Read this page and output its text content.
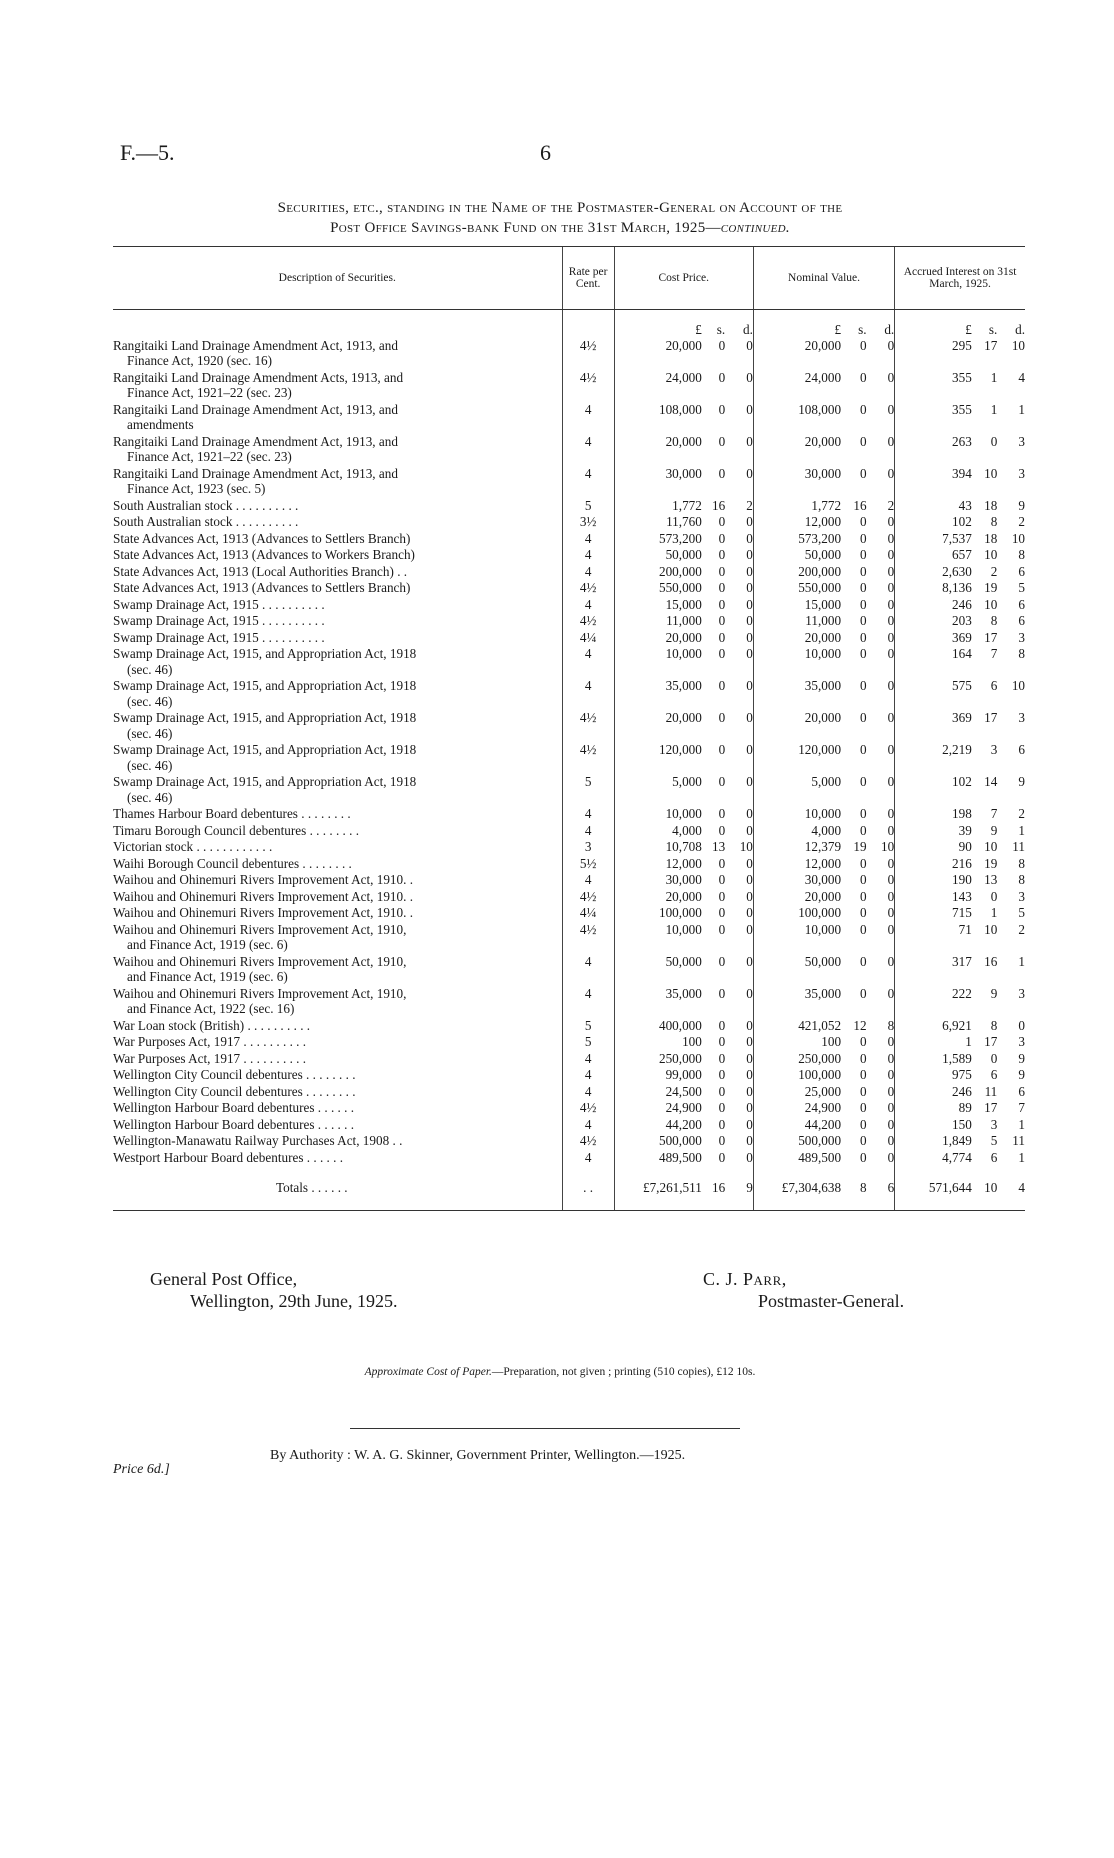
F.—5.	6
Securities, etc., standing in the Name of the Postmaster-General on Account of the
Post Office Savings-bank Fund on the 31st March, 1925—continued.
Description of Securities.	Rate per Cent.	Cost Price.			Nominal Value.			Accrued Interest on 31st March, 1925.		
		£	s.	d.	£	s.	d.	£	s.	d.

Rangitaiki Land Drainage Amendment Act, 1913, and
Finance Act, 1920 (sec. 16)	4½	20,000	0	0	20,000	0	0	295	17	10

Rangitaiki Land Drainage Amendment Acts, 1913, and
Finance Act, 1921–22 (sec. 23)	4½	24,000	0	0	24,000	0	0	355	1	4

Rangitaiki Land Drainage Amendment Act, 1913, and
amendments	4	108,000	0	0	108,000	0	0	355	1	1

Rangitaiki Land Drainage Amendment Act, 1913, and
Finance Act, 1921–22 (sec. 23)	4	20,000	0	0	20,000	0	0	263	0	3

Rangitaiki Land Drainage Amendment Act, 1913, and
Finance Act, 1923 (sec. 5)	4	30,000	0	0	30,000	0	0	394	10	3

South Australian stock . . . . . . . . . .	5	1,772	16	2	1,772	16	2	43	18	9

South Australian stock . . . . . . . . . .	3½	11,760	0	0	12,000	0	0	102	8	2

State Advances Act, 1913 (Advances to Settlers Branch)	4	573,200	0	0	573,200	0	0	7,537	18	10

State Advances Act, 1913 (Advances to Workers Branch)	4	50,000	0	0	50,000	0	0	657	10	8

State Advances Act, 1913 (Local Authorities Branch) . .	4	200,000	0	0	200,000	0	0	2,630	2	6

State Advances Act, 1913 (Advances to Settlers Branch)	4½	550,000	0	0	550,000	0	0	8,136	19	5

Swamp Drainage Act, 1915 . . . . . . . . . .	4	15,000	0	0	15,000	0	0	246	10	6

Swamp Drainage Act, 1915 . . . . . . . . . .	4½	11,000	0	0	11,000	0	0	203	8	6

Swamp Drainage Act, 1915 . . . . . . . . . .	4¼	20,000	0	0	20,000	0	0	369	17	3

Swamp Drainage Act, 1915, and Appropriation Act, 1918
(sec. 46)	4	10,000	0	0	10,000	0	0	164	7	8

Swamp Drainage Act, 1915, and Appropriation Act, 1918
(sec. 46)	4	35,000	0	0	35,000	0	0	575	6	10

Swamp Drainage Act, 1915, and Appropriation Act, 1918
(sec. 46)	4½	20,000	0	0	20,000	0	0	369	17	3

Swamp Drainage Act, 1915, and Appropriation Act, 1918
(sec. 46)	4½	120,000	0	0	120,000	0	0	2,219	3	6

Swamp Drainage Act, 1915, and Appropriation Act, 1918
(sec. 46)	5	5,000	0	0	5,000	0	0	102	14	9

Thames Harbour Board debentures . . . . . . . .	4	10,000	0	0	10,000	0	0	198	7	2

Timaru Borough Council debentures . . . . . . . .	4	4,000	0	0	4,000	0	0	39	9	1

Victorian stock . . . . . . . . . . . .	3	10,708	13	10	12,379	19	10	90	10	11

Waihi Borough Council debentures . . . . . . . .	5½	12,000	0	0	12,000	0	0	216	19	8

Waihou and Ohinemuri Rivers Improvement Act, 1910. .	4	30,000	0	0	30,000	0	0	190	13	8

Waihou and Ohinemuri Rivers Improvement Act, 1910. .	4½	20,000	0	0	20,000	0	0	143	0	3

Waihou and Ohinemuri Rivers Improvement Act, 1910. .	4¼	100,000	0	0	100,000	0	0	715	1	5

Waihou and Ohinemuri Rivers Improvement Act, 1910,
and Finance Act, 1919 (sec. 6)	4½	10,000	0	0	10,000	0	0	71	10	2

Waihou and Ohinemuri Rivers Improvement Act, 1910,
and Finance Act, 1919 (sec. 6)	4	50,000	0	0	50,000	0	0	317	16	1

Waihou and Ohinemuri Rivers Improvement Act, 1910,
and Finance Act, 1922 (sec. 16)	4	35,000	0	0	35,000	0	0	222	9	3

War Loan stock (British) . . . . . . . . . .	5	400,000	0	0	421,052	12	8	6,921	8	0

War Purposes Act, 1917 . . . . . . . . . .	5	100	0	0	100	0	0	1	17	3

War Purposes Act, 1917 . . . . . . . . . .	4	250,000	0	0	250,000	0	0	1,589	0	9

Wellington City Council debentures . . . . . . . .	4	99,000	0	0	100,000	0	0	975	6	9

Wellington City Council debentures . . . . . . . .	4	24,500	0	0	25,000	0	0	246	11	6

Wellington Harbour Board debentures . . . . . .	4½	24,900	0	0	24,900	0	0	89	17	7

Wellington Harbour Board debentures . . . . . .	4	44,200	0	0	44,200	0	0	150	3	1

Wellington-Manawatu Railway Purchases Act, 1908 . .	4½	500,000	0	0	500,000	0	0	1,849	5	11

Westport Harbour Board debentures . . . . . .	4	489,500	0	0	489,500	0	0	4,774	6	1
Totals . . . . . .	. .	£7,261,511	16	9	£7,304,638	8	6	571,644	10	4
General Post Office,
Wellington, 29th June, 1925.
C. J. Parr,
Postmaster-General.
Approximate Cost of Paper.—Preparation, not given ; printing (510 copies), £12 10s.
By Authority : W. A. G. Skinner, Government Printer, Wellington.—1925.
Price 6d.]
